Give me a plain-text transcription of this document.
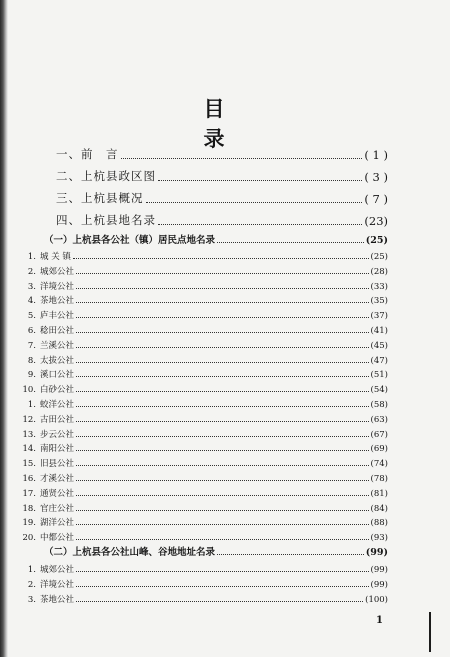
目　录
一、前　言	( 1 )
二、上杭县政区图	( 3 )
三、上杭县概况	( 7 )
四、上杭县地名录	(23)
（一）上杭县各公社（镇）居民点地名录	(25)
1. 城 关 镇	(25)
2. 城郊公社	(28)
3. 洋境公社	(33)
4. 茶地公社	(35)
5. 庐丰公社	(37)
6. 稔田公社	(41)
7. 兰溪公社	(45)
8. 太拔公社	(47)
9. 溪口公社	(51)
10. 白砂公社	(54)
1. 蛟洋公社	(58)
12. 古田公社	(63)
13. 步云公社	(67)
14. 南阳公社	(69)
15. 旧县公社	(74)
16. 才溪公社	(78)
17. 通贤公社	(81)
18. 官庄公社	(84)
19. 湖洋公社	(88)
20. 中都公社	(93)
（二）上杭县各公社山峰、谷地地址名录	(99)
1. 城郊公社	(99)
2. 洋境公社	(99)
3. 茶地公社	(100)
1
